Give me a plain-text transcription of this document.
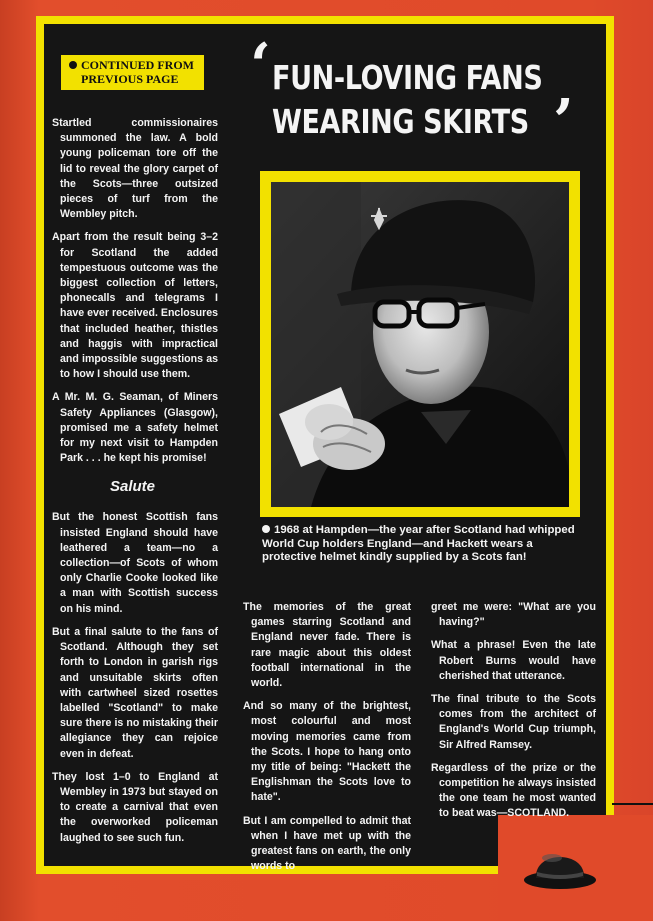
CONTINUED FROM
PREVIOUS PAGE	‘ FUN-LOVING FANS
WEARING SKIRTS ’

Startled commissionaires summoned the law. A bold young policeman tore off the lid to reveal the glory carpet of the Scots—three outsized pieces of turf from the Wembley pitch.

Apart from the result being 3–2 for Scotland the added tempestuous outcome was the biggest collection of letters, phonecalls and telegrams I have ever received. Enclosures that included heather, thistles and haggis with impractical and impossible suggestions as to how I should use them.

A Mr. M. G. Seaman, of Miners Safety Appliances (Glasgow), promised me a safety helmet for my next visit to Hampden Park . . . he kept his promise!

But the honest Scottish fans insisted England should have leathered a team—no a collection—of Scots of whom only Charlie Cooke looked like a man with Scottish success on his mind.

But a final salute to the fans of Scotland. Although they set forth to London in garish rigs and unsuitable skirts often with cartwheel sized rosettes labelled "Scotland" to make sure there is no mistaking their allegiance they can rejoice even in defeat.

They lost 1–0 to England at Wembley in 1973 but stayed on to create a carnival that even the overworked policeman laughed to see such fun.

Salute
1968 at Hampden—the year after Scotland had whipped World Cup holders England—and Hackett wears a protective helmet kindly supplied by a Scots fan!

The memories of the great games starring Scotland and England never fade. There is rare magic about this oldest football international in the world.

And so many of the brightest, most colourful and most moving memories came from the Scots. I hope to hang onto my title of being: "Hackett the Englishman the Scots love to hate".

But I am compelled to admit that when I have met up with the greatest fans on earth, the only words to

greet me were: "What are you having?"

What a phrase! Even the late Robert Burns would have cherished that utterance.

The final tribute to the Scots comes from the architect of England's World Cup triumph, Sir Alfred Ramsey.

Regardless of the prize or the competition he always insisted the one team he most wanted to beat was—SCOTLAND.
